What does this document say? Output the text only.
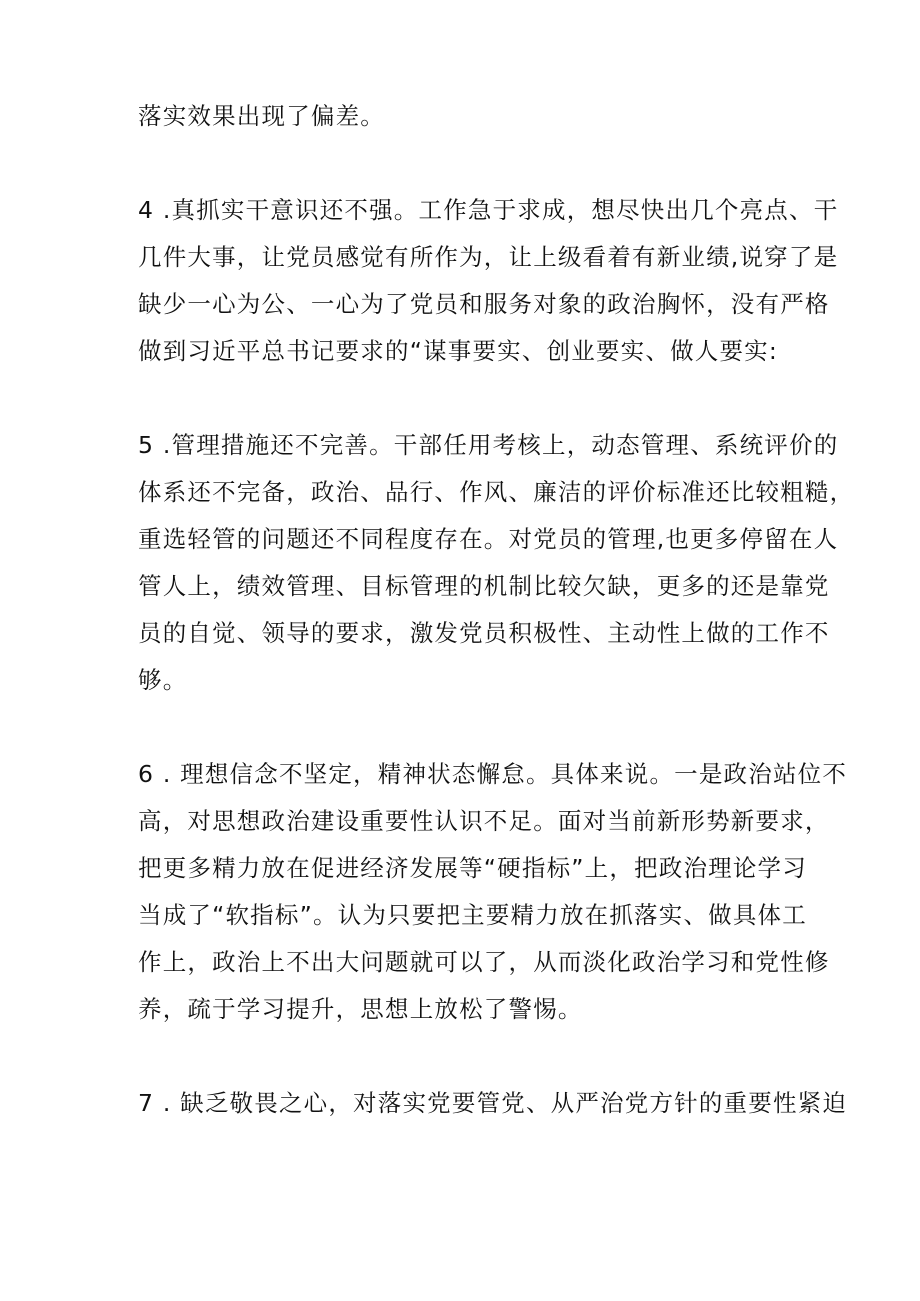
落实效果出现了偏差。
4 .真抓实干意识还不强。工作急于求成，想尽快出几个亮点、干
几件大事，让党员感觉有所作为，让上级看着有新业绩,说穿了是
缺少一心为公、一心为了党员和服务对象的政治胸怀，没有严格
做到习近平总书记要求的“谋事要实、创业要实、做人要实:
5 .管理措施还不完善。干部任用考核上，动态管理、系统评价的
体系还不完备，政治、品行、作风、廉洁的评价标准还比较粗糙，
重选轻管的问题还不同程度存在。对党员的管理,也更多停留在人
管人上，绩效管理、目标管理的机制比较欠缺，更多的还是靠党
员的自觉、领导的要求，激发党员积极性、主动性上做的工作不
够。
6 . 理想信念不坚定，精神状态懈怠。具体来说。一是政治站位不
高，对思想政治建设重要性认识不足。面对当前新形势新要求，
把更多精力放在促进经济发展等“硬指标”上，把政治理论学习
当成了“软指标”。认为只要把主要精力放在抓落实、做具体工
作上，政治上不出大问题就可以了，从而淡化政治学习和党性修
养，疏于学习提升，思想上放松了警惕。
7 . 缺乏敬畏之心，对落实党要管党、从严治党方针的重要性紧迫
